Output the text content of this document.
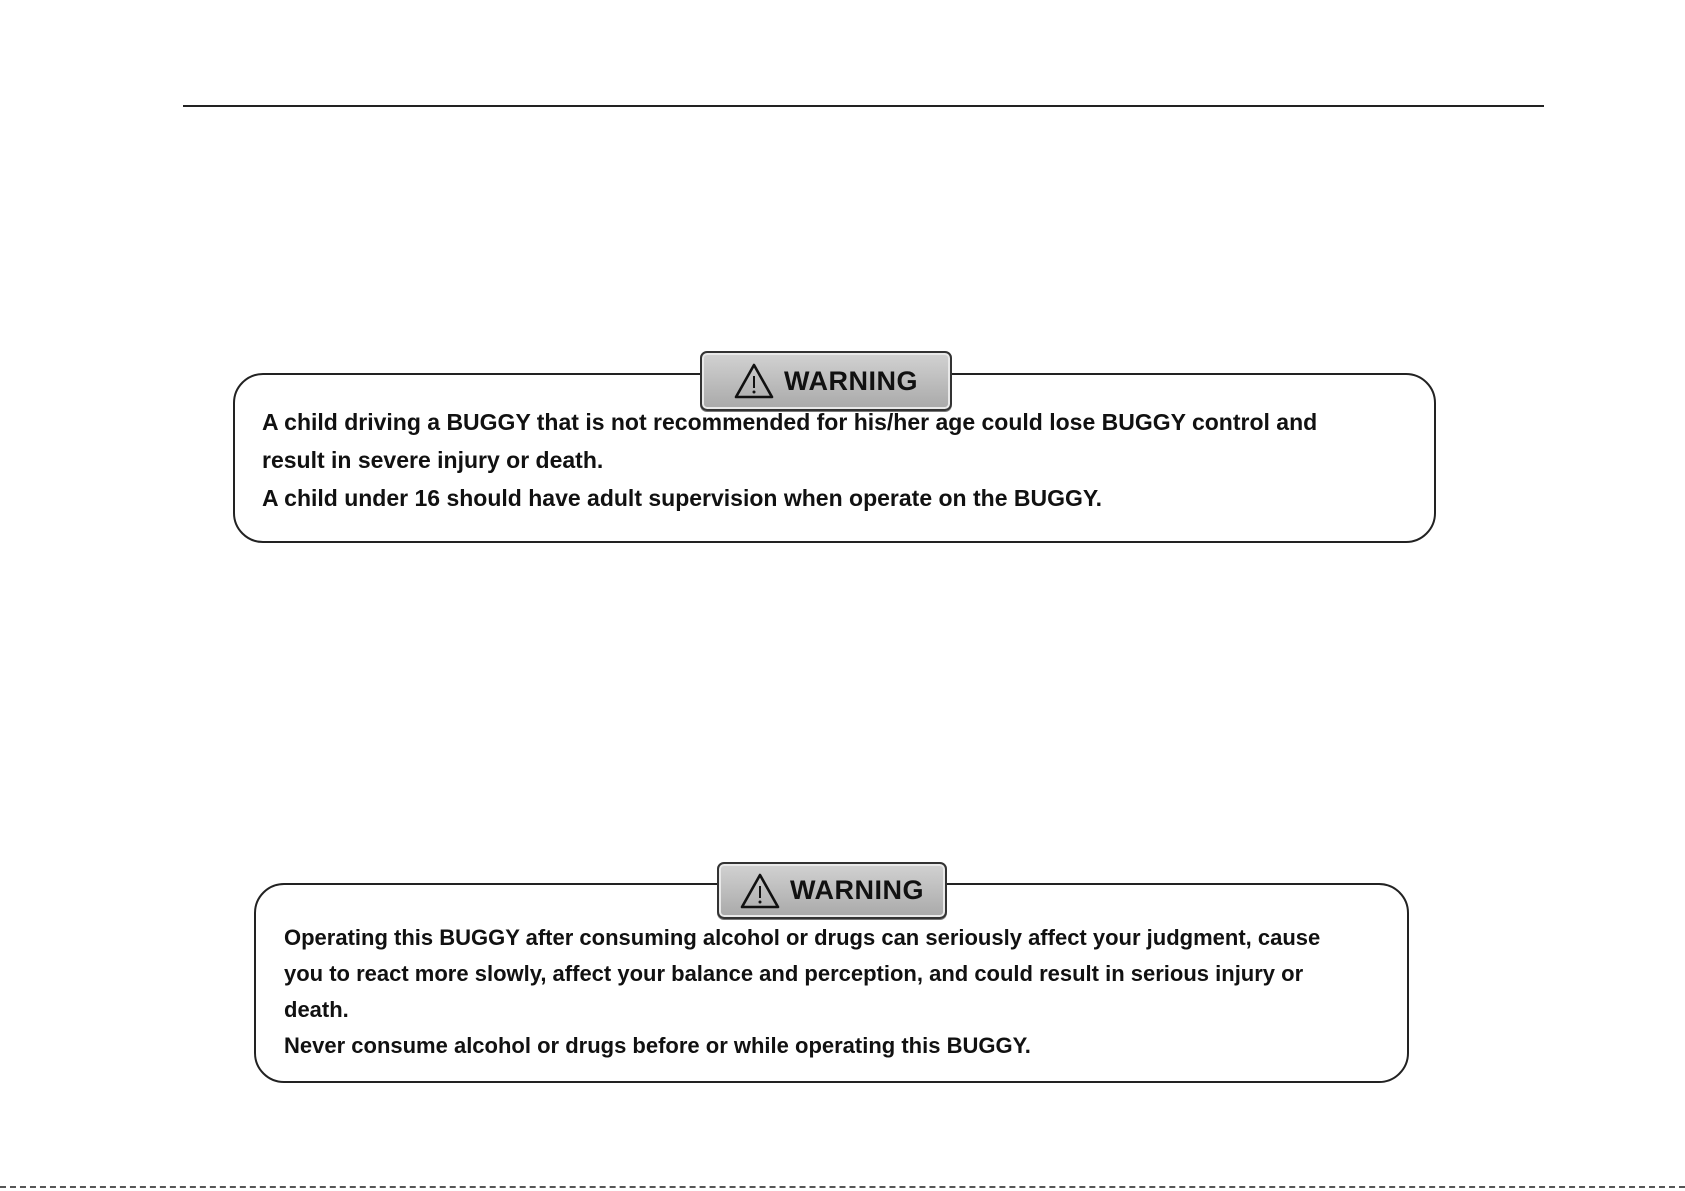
WARNING
A child driving a BUGGY that is not recommended for his/her age could lose BUGGY control and
result in severe injury or death.
A child under 16 should have adult supervision when operate on the BUGGY.
WARNING
Operating this BUGGY after consuming alcohol or drugs can seriously affect your judgment, cause
you to react more slowly, affect your balance and perception, and could result in serious injury or
death.
Never consume alcohol or drugs before or while operating this BUGGY.
